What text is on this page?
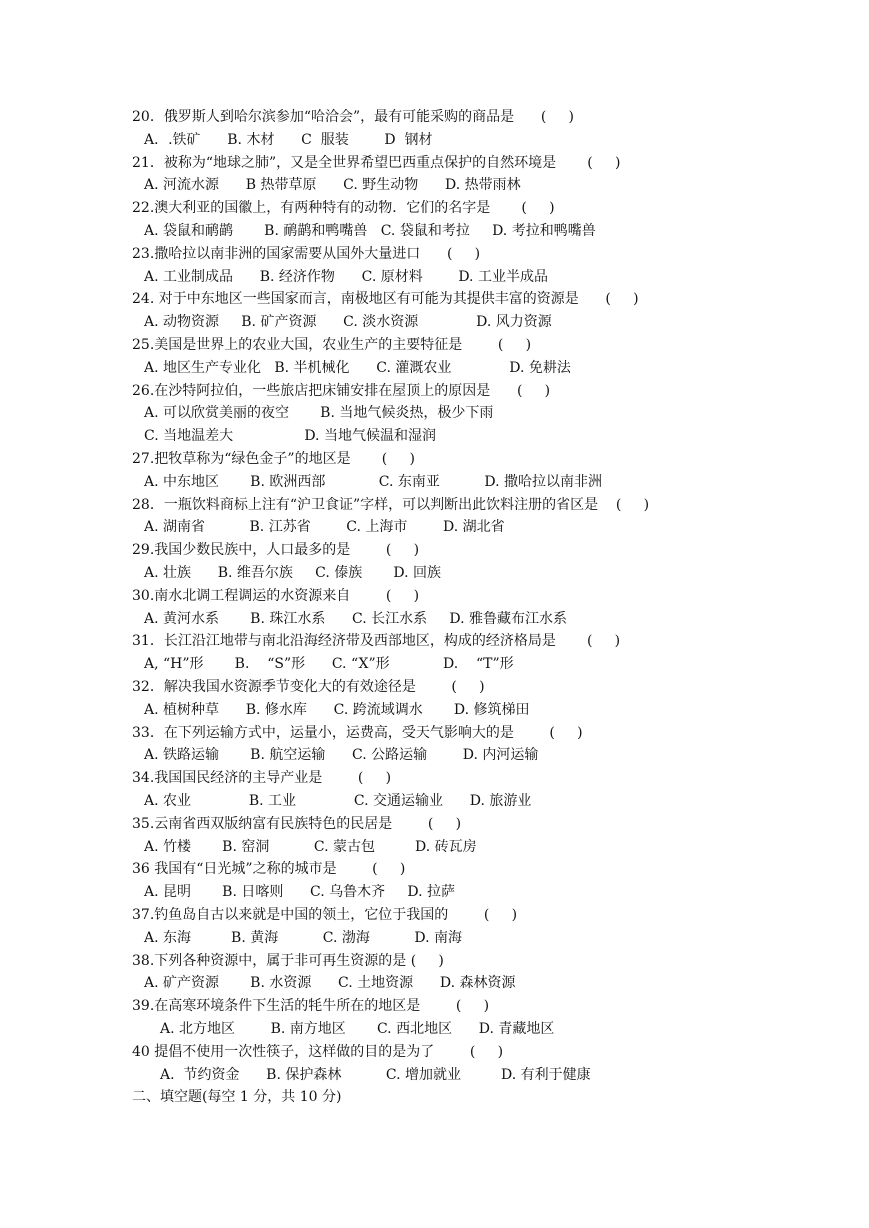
20．俄罗斯人到哈尔滨参加“哈洽会”，最有可能采购的商品是      (     )

A．.铁矿      B. 木材      C  服装        D  钢材

21．被称为“地球之肺”，又是全世界希望巴西重点保护的自然环境是       (     )

A. 河流水源      B 热带草原      C. 野生动物      D. 热带雨林

22.澳大利亚的国徽上，有两种特有的动物．它们的名字是       (     )

A. 袋鼠和鸸鹋       B. 鸸鹋和鸭嘴兽   C. 袋鼠和考拉     D. 考拉和鸭嘴兽

23.撒哈拉以南非洲的国家需要从国外大量进口      (     )

A. 工业制成品      B. 经济作物      C. 原材料        D. 工业半成品

24. 对于中东地区一些国家而言，南极地区有可能为其提供丰富的资源是      (     )

A. 动物资源     B. 矿产资源      C. 淡水资源             D. 风力资源

25.美国是世界上的农业大国，农业生产的主要特征是        (     )

A. 地区生产专业化   B. 半机械化      C. 灌溉农业             D. 免耕法

26.在沙特阿拉伯，一些旅店把床铺安排在屋顶上的原因是      (     )

A. 可以欣赏美丽的夜空       B. 当地气候炎热，极少下雨

C. 当地温差大                D. 当地气候温和湿润

27.把牧草称为“绿色金子”的地区是       (     )

A. 中东地区       B. 欧洲西部            C. 东南亚          D. 撒哈拉以南非洲

28．一瓶饮料商标上注有“沪卫食证”字样，可以判断出此饮料注册的省区是    (     )

A. 湖南省          B. 江苏省        C. 上海市        D. 湖北省

29.我国少数民族中，人口最多的是        (     )

A. 壮族      B. 维吾尔族     C. 傣族       D. 回族

30.南水北调工程调运的水资源来自        (     )

A. 黄河水系       B. 珠江水系      C. 长江水系     D. 雅鲁藏布江水系

31．长江沿江地带与南北沿海经济带及西部地区，构成的经济格局是       (     )

A, “H”形       B.    “S”形      C. “X”形            D.    “T”形

32．解决我国水资源季节变化大的有效途径是        (     )

A. 植树种草      B. 修水库      C. 跨流域调水       D. 修筑梯田

33．在下列运输方式中，运量小，运费高，受天气影响大的是        (     )

A. 铁路运输       B. 航空运输      C. 公路运输        D. 内河运输

34.我国国民经济的主导产业是        (     )

A. 农业             B. 工业             C. 交通运输业      D. 旅游业

35.云南省西双版纳富有民族特色的民居是        (     )

A. 竹楼       B. 窑洞          C. 蒙古包         D. 砖瓦房

36 我国有“日光城”之称的城市是        (     )

A. 昆明       B. 日喀则      C. 乌鲁木齐     D. 拉萨

37.钓鱼岛自古以来就是中国的领土，它位于我国的        (     )

A. 东海         B. 黄海          C. 渤海          D. 南海

38.下列各种资源中，属于非可再生资源的是 (     )

A. 矿产资源       B. 水资源      C. 土地资源      D. 森林资源

39.在高寒环境条件下生活的牦牛所在的地区是        (     )

A. 北方地区        B. 南方地区       C. 西北地区      D. 青藏地区

40 提倡不使用一次性筷子，这样做的目的是为了        (     )

A.  节约资金      B. 保护森林          C. 增加就业         D. 有利于健康

二、填空题(每空 1 分，共 10 分)
